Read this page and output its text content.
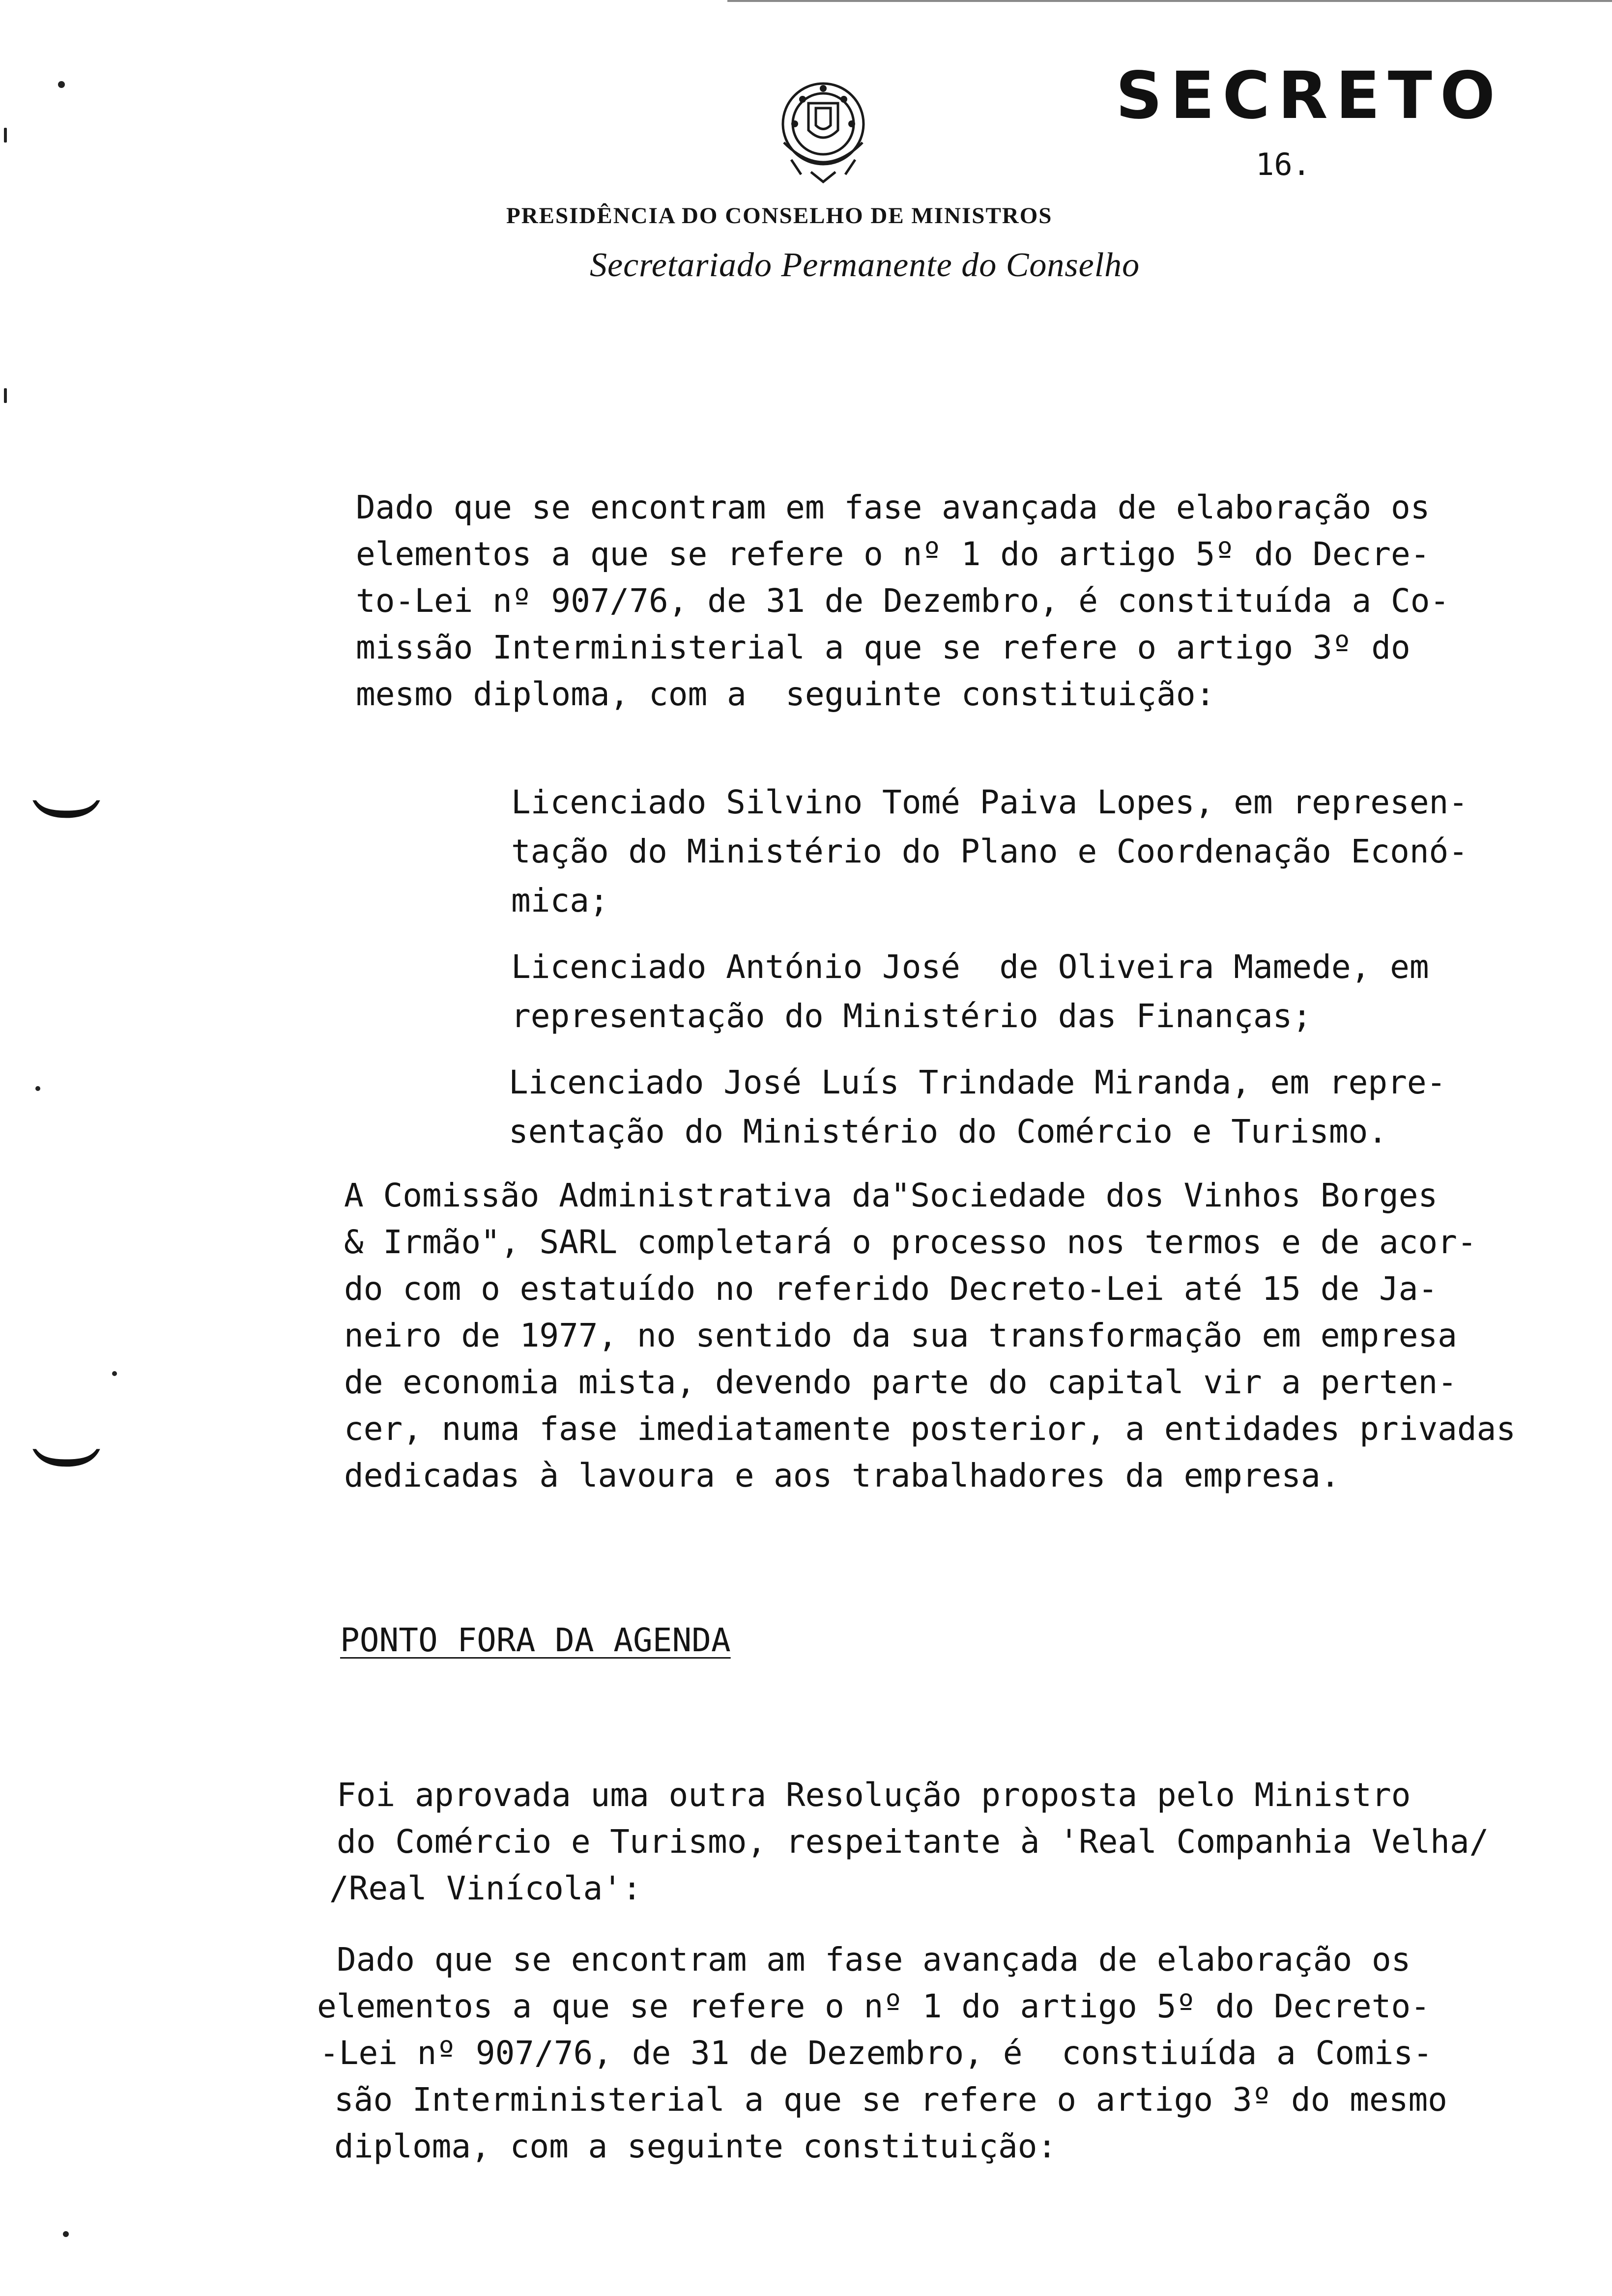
SECRETO
16.
PRESIDÊNCIA DO CONSELHO DE MINISTROS
Secretariado Permanente do Conselho
Dado que se encontram em fase avançada de elaboração os
elementos a que se refere o nº 1 do artigo 5º do Decre-
to-Lei nº 907/76, de 31 de Dezembro, é constituída a Co-
missão Interministerial a que se refere o artigo 3º do
mesmo diploma, com a  seguinte constituição:
Licenciado Silvino Tomé Paiva Lopes, em represen-
tação do Ministério do Plano e Coordenação Econó-
mica;
Licenciado António José  de Oliveira Mamede, em
representação do Ministério das Finanças;
Licenciado José Luís Trindade Miranda, em repre-
sentação do Ministério do Comércio e Turismo.
A Comissão Administrativa da"Sociedade dos Vinhos Borges
& Irmão", SARL completará o processo nos termos e de acor-
do com o estatuído no referido Decreto-Lei até 15 de Ja-
neiro de 1977, no sentido da sua transformação em empresa
de economia mista, devendo parte do capital vir a perten-
cer, numa fase imediatamente posterior, a entidades privadas
dedicadas à lavoura e aos trabalhadores da empresa.
PONTO FORA DA AGENDA
Foi aprovada uma outra Resolução proposta pelo Ministro
do Comércio e Turismo, respeitante à 'Real Companhia Velha/
/Real Vinícola':
Dado que se encontram am fase avançada de elaboração os
elementos a que se refere o nº 1 do artigo 5º do Decreto-
-Lei nº 907/76, de 31 de Dezembro, é  constiuída a Comis-
são Interministerial a que se refere o artigo 3º do mesmo
diploma, com a seguinte constituição:
(
(
